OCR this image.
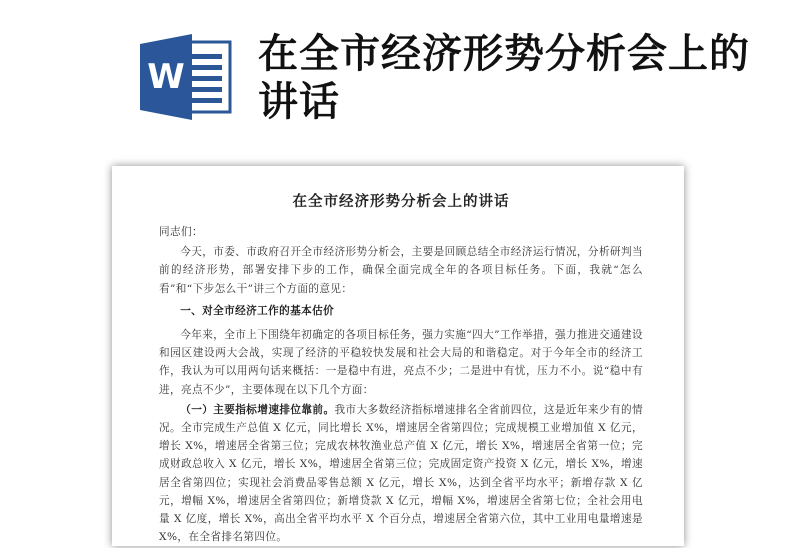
W 在全市经济形势分析会上的讲话
在全市经济形势分析会上的讲话

同志们：

今天，市委、市政府召开全市经济形势分析会，主要是回顾总结全市经济运行情况，分析研判当前的经济形势，部署安排下步的工作，确保全面完成全年的各项目标任务。下面，我就“怎么看”和“下步怎么干”讲三个方面的意见：

一、对全市经济工作的基本估价

今年来，全市上下围绕年初确定的各项目标任务，强力实施“四大”工作举措，强力推进交通建设和园区建设两大会战，实现了经济的平稳较快发展和社会大局的和谐稳定。对于今年全市的经济工作，我认为可以用两句话来概括：一是稳中有进，亮点不少；二是进中有忧，压力不小。说“稳中有进，亮点不少”，主要体现在以下几个方面：

（一）主要指标增速排位靠前。我市大多数经济指标增速排名全省前四位，这是近年来少有的情况。全市完成生产总值 X 亿元，同比增长 X%，增速居全省第四位；完成规模工业增加值 X 亿元，增长 X%，增速居全省第三位；完成农林牧渔业总产值 X 亿元，增长 X%，增速居全省第一位；完成财政总收入 X 亿元，增长 X%，增速居全省第三位；完成固定资产投资 X 亿元，增长 X%，增速居全省第四位；实现社会消费品零售总额 X 亿元，增长 X%，达到全省平均水平；新增存款 X 亿元，增幅 X%，增速居全省第四位；新增贷款 X 亿元，增幅 X%，增速居全省第七位；全社会用电量 X 亿度，增长 X%，高出全省平均水平 X 个百分点，增速居全省第六位，其中工业用电量增速是 X%，在全省排名第四位。
